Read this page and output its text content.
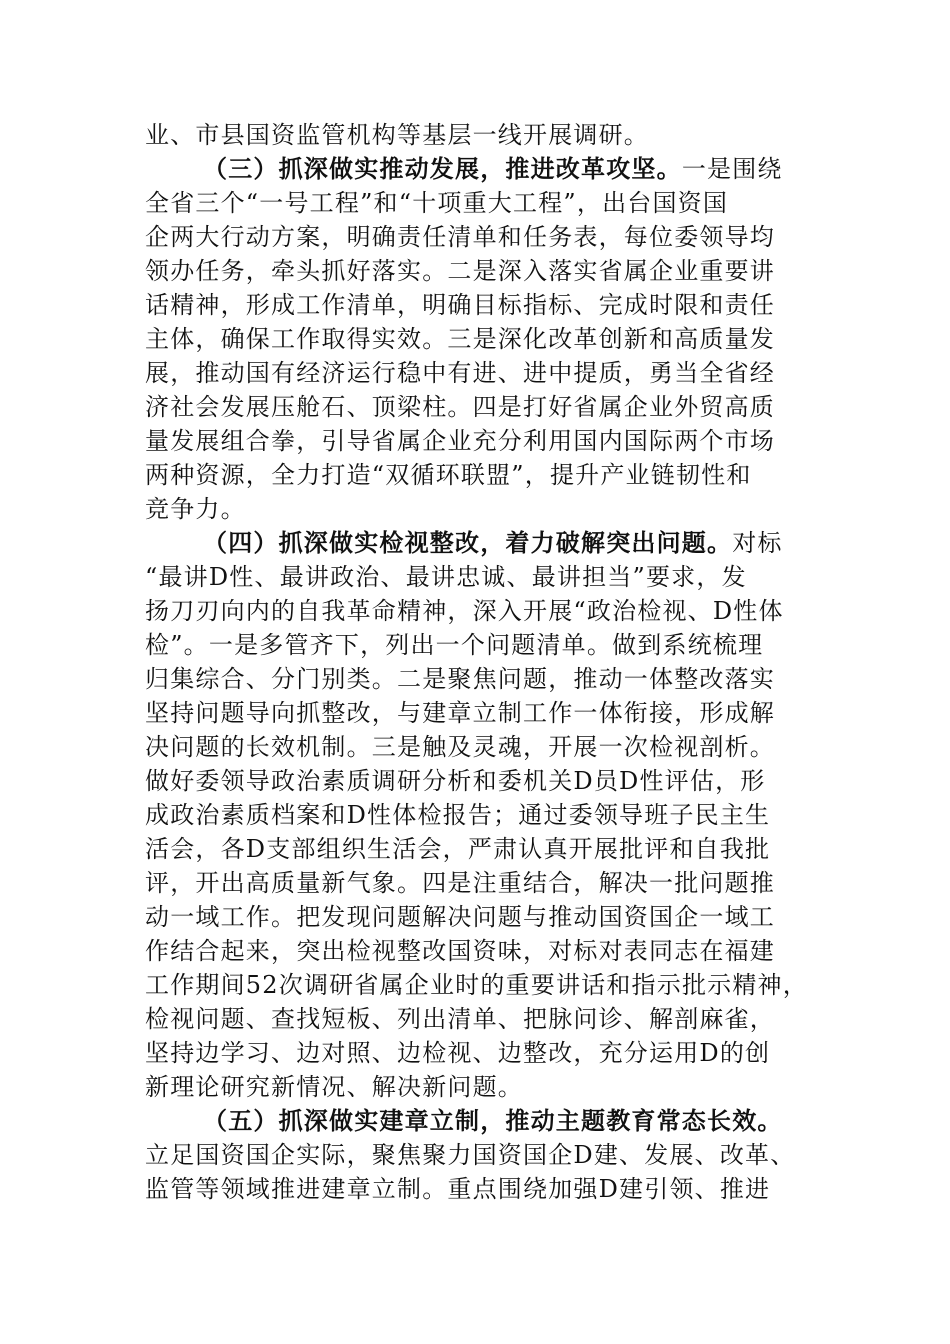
业、市县国资监管机构等基层一线开展调研。
（三）抓深做实推动发展，推进改革攻坚。一是围绕
全省三个“一号工程”和“十项重大工程”，出台国资国
企两大行动方案，明确责任清单和任务表，每位委领导均
领办任务，牵头抓好落实。二是深入落实省属企业重要讲
话精神，形成工作清单，明确目标指标、完成时限和责任
主体，确保工作取得实效。三是深化改革创新和高质量发
展，推动国有经济运行稳中有进、进中提质，勇当全省经
济社会发展压舱石、顶梁柱。四是打好省属企业外贸高质
量发展组合拳，引导省属企业充分利用国内国际两个市场
两种资源，全力打造“双循环联盟”，提升产业链韧性和
竞争力。
（四）抓深做实检视整改，着力破解突出问题。对标
“最讲D性、最讲政治、最讲忠诚、最讲担当”要求，发
扬刀刃向内的自我革命精神，深入开展“政治检视、D性体
检”。一是多管齐下，列出一个问题清单。做到系统梳理
归集综合、分门别类。二是聚焦问题，推动一体整改落实
坚持问题导向抓整改，与建章立制工作一体衔接，形成解
决问题的长效机制。三是触及灵魂，开展一次检视剖析。
做好委领导政治素质调研分析和委机关D员D性评估，形
成政治素质档案和D性体检报告；通过委领导班子民主生
活会，各D支部组织生活会，严肃认真开展批评和自我批
评，开出高质量新气象。四是注重结合，解决一批问题推
动一域工作。把发现问题解决问题与推动国资国企一域工
作结合起来，突出检视整改国资味，对标对表同志在福建
工作期间52次调研省属企业时的重要讲话和指示批示精神，
检视问题、查找短板、列出清单、把脉问诊、解剖麻雀，
坚持边学习、边对照、边检视、边整改，充分运用D的创
新理论研究新情况、解决新问题。
（五）抓深做实建章立制，推动主题教育常态长效。
立足国资国企实际，聚焦聚力国资国企D建、发展、改革、
监管等领域推进建章立制。重点围绕加强D建引领、推进
